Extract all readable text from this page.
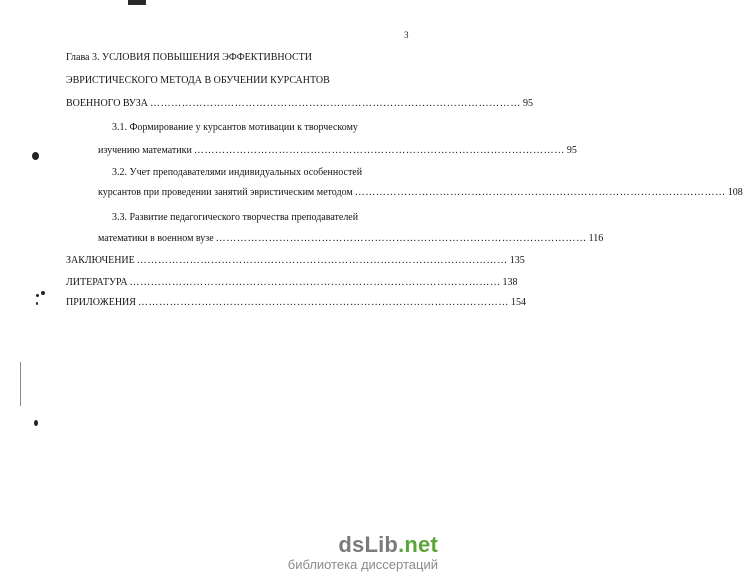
3
Глава 3. УСЛОВИЯ ПОВЫШЕНИЯ ЭФФЕКТИВНОСТИ
ЭВРИСТИЧЕСКОГО МЕТОДА В ОБУЧЕНИИ КУРСАНТОВ
ВОЕННОГО ВУЗА …………………………………………………………………………………………… 95
3.1. Формирование у курсантов мотивации к творческому
изучению математики …………………………………………………………………………………………… 95
3.2. Учет преподавателями индивидуальных особенностей
курсантов при проведении занятий эвристическим методом …………………………………………………………………………………………… 108
3.3. Развитие педагогического творчества преподавателей
математики в военном вузе …………………………………………………………………………………………… 116
ЗАКЛЮЧЕНИЕ …………………………………………………………………………………………… 135
ЛИТЕРАТУРА …………………………………………………………………………………………… 138
ПРИЛОЖЕНИЯ …………………………………………………………………………………………… 154
dsLib.net
библиотека диссертаций
